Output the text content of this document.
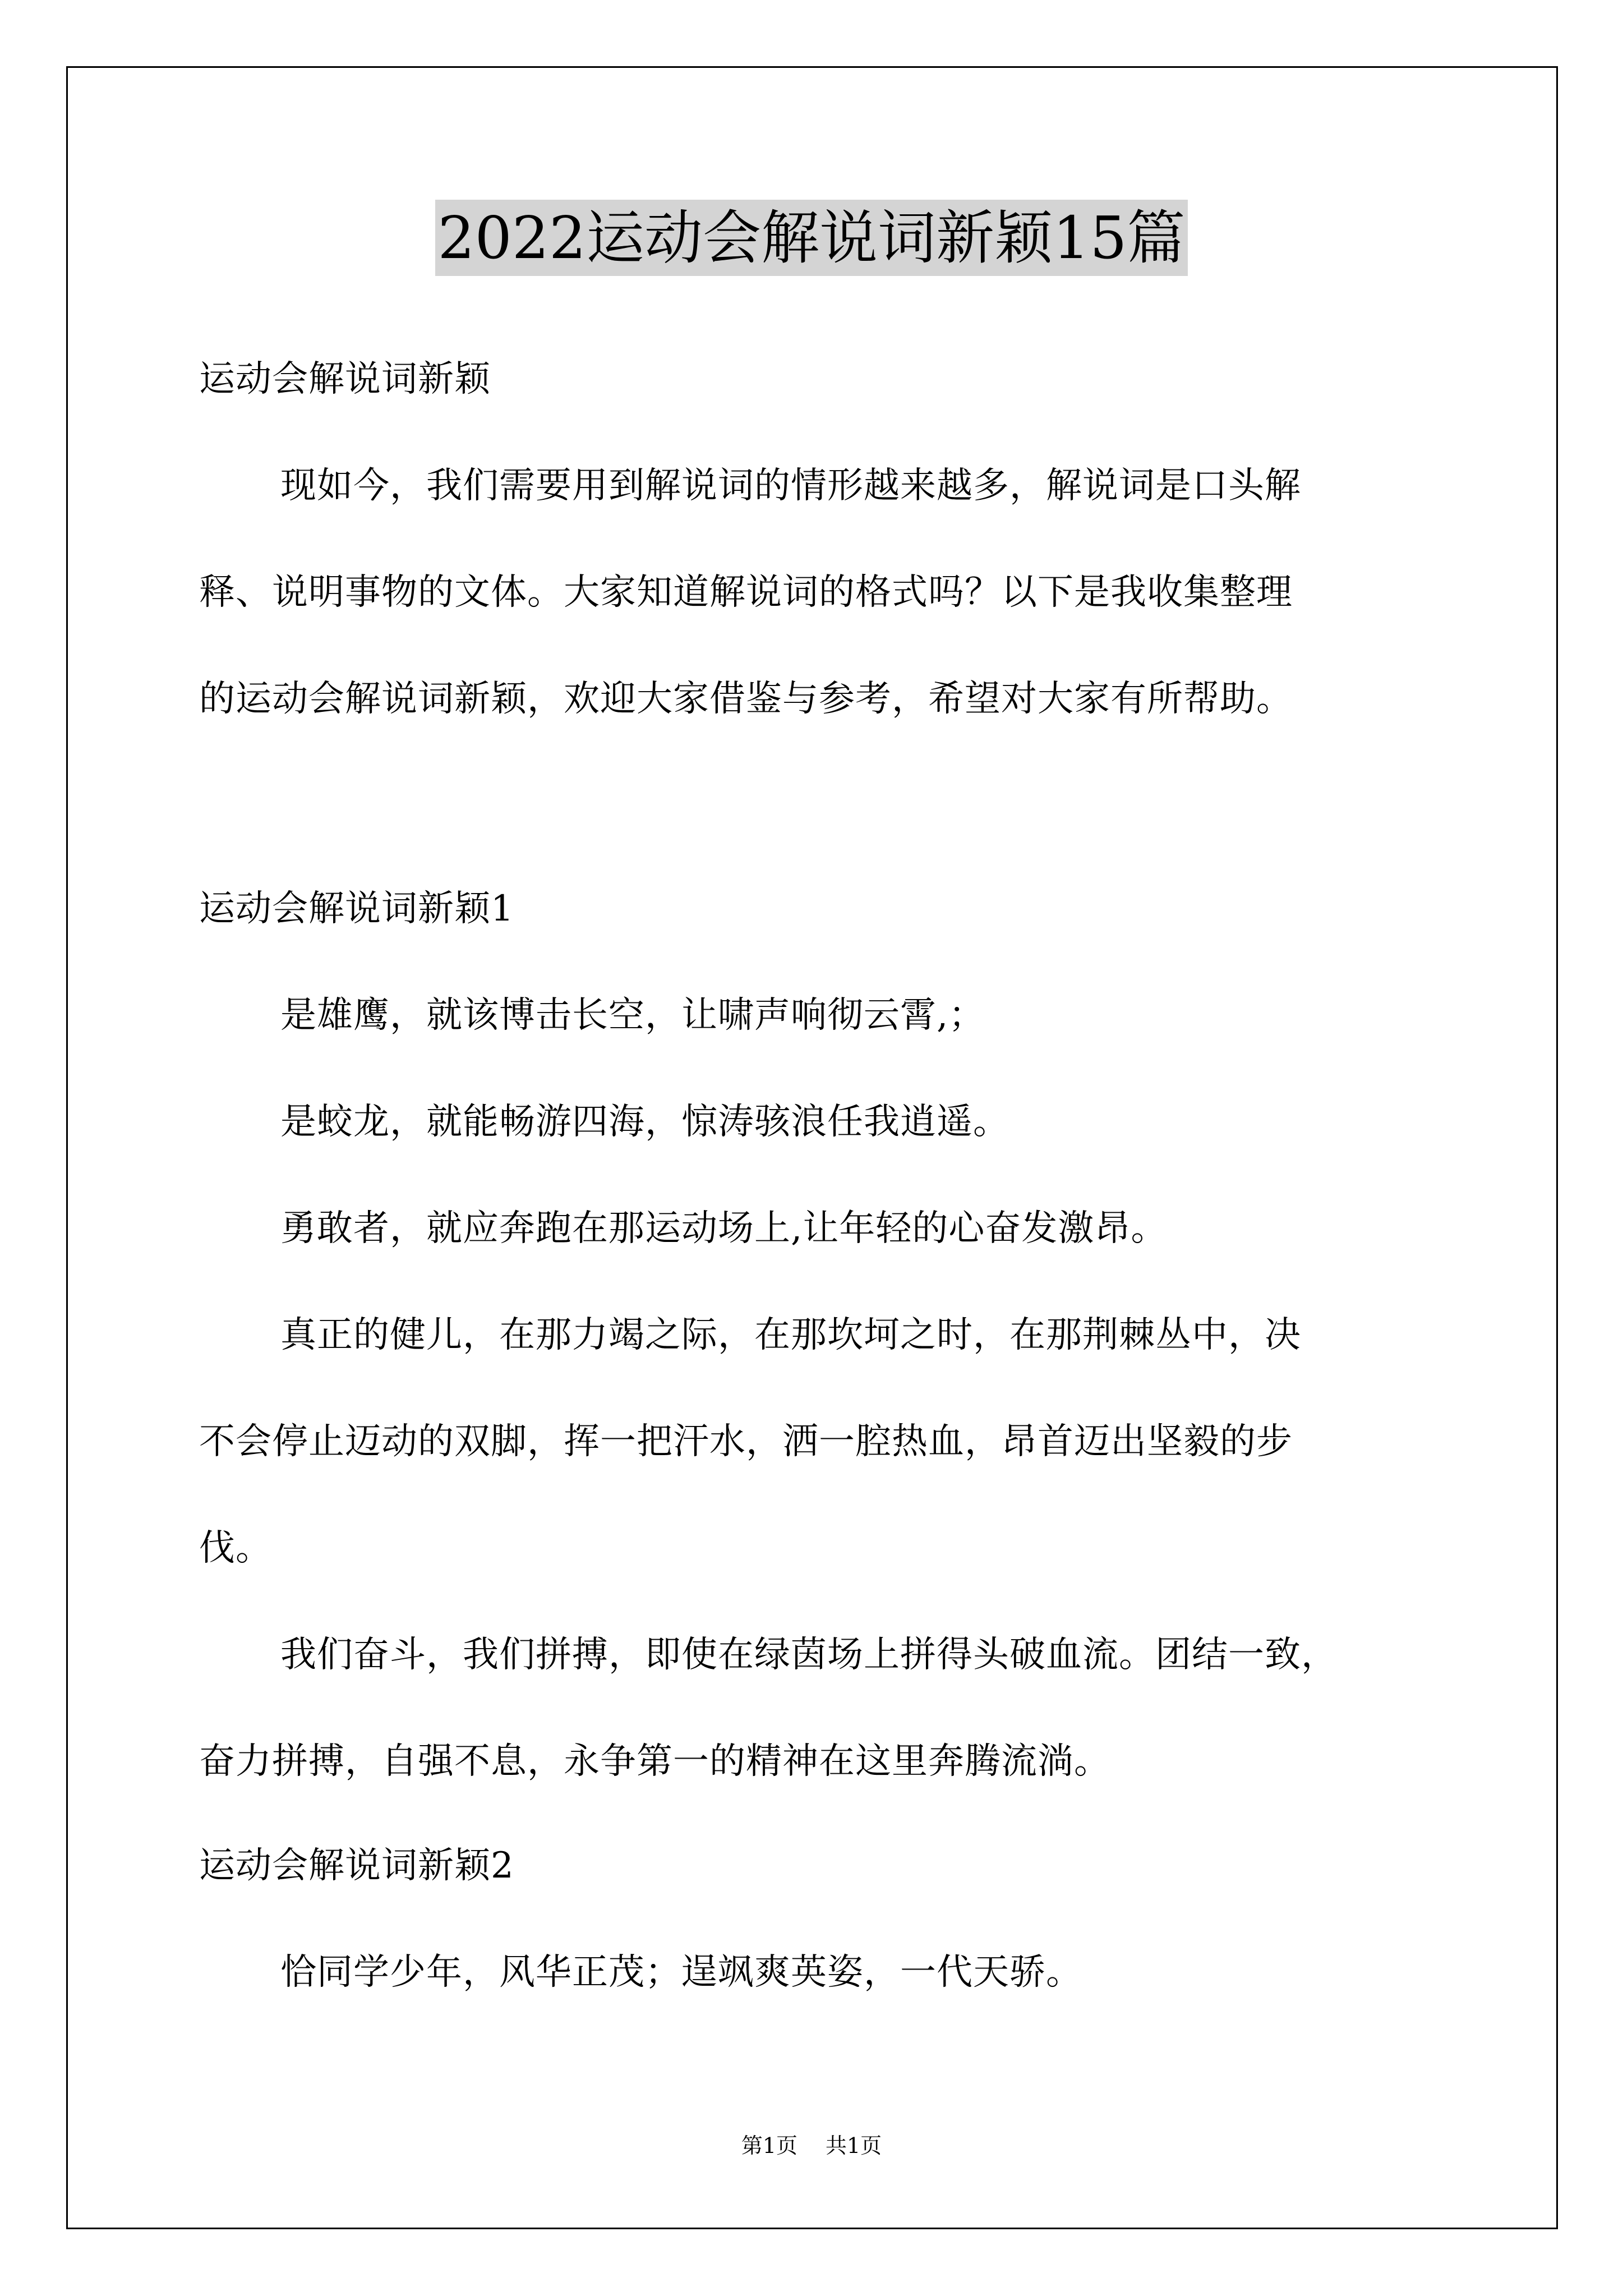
2022运动会解说词新颖15篇
运动会解说词新颖
现如今，我们需要用到解说词的情形越来越多，解说词是口头解
释、说明事物的文体。大家知道解说词的格式吗？以下是我收集整理
的运动会解说词新颖，欢迎大家借鉴与参考，希望对大家有所帮助。
运动会解说词新颖1
是雄鹰，就该博击长空，让啸声响彻云霄,；
是蛟龙，就能畅游四海，惊涛骇浪任我逍遥。
勇敢者，就应奔跑在那运动场上,让年轻的心奋发激昂。
真正的健儿，在那力竭之际，在那坎坷之时，在那荆棘丛中，决
不会停止迈动的双脚，挥一把汗水，洒一腔热血，昂首迈出坚毅的步
伐。
我们奋斗，我们拼搏，即使在绿茵场上拼得头破血流。团结一致，
奋力拼搏，自强不息，永争第一的精神在这里奔腾流淌。
运动会解说词新颖2
恰同学少年，风华正茂；逞飒爽英姿，一代天骄。
第1页 共1页
